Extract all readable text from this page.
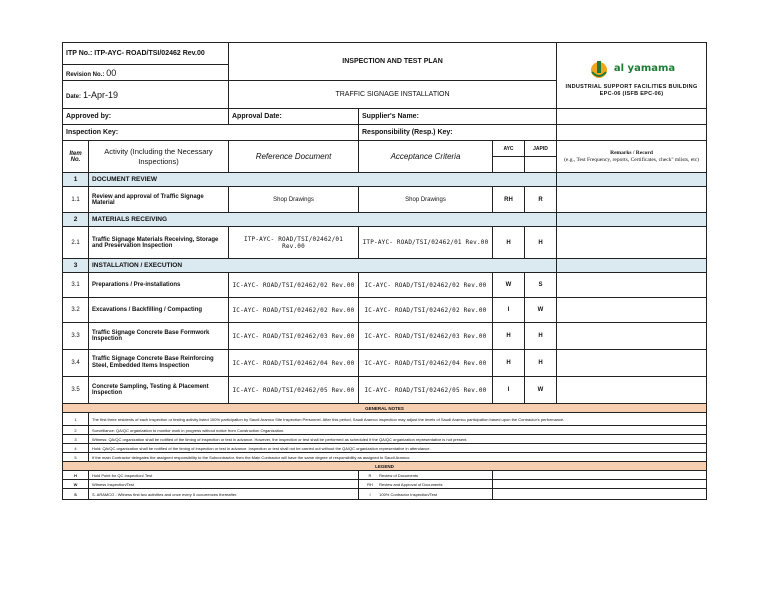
ITP No.: ITP-AYC- ROAD/TSI/02462 Rev.00		INSPECTION AND TEST PLAN				al yamama
INDUSTRIAL SUPPORT FACILITIES BUILDING EPC-06 (ISFB EPC-06)

Revision No.: 00						
Date: 1-Apr-19		TRAFFIC SIGNAGE INSTALLATION				
Approved by:		Approval Date:	Supplier's Name:			
Inspection Key:			Responsibility (Resp.) Key:			
Item No.	Activity (Including the Necessary Inspections)	Reference Document	Acceptance Criteria	AYC	JAPID	Remarks / Record
(e.g., Test Frequency, reports, Certificates, check'' mlists, etc)

1	DOCUMENT REVIEW					
1.1	Review and approval of Traffic Signage Material	Shop Drawings	Shop Drawings	RH	R	
2	MATERIALS RECEIVING					
2.1	Traffic Signage Materials Receiving, Storage and Preservation Inspection	ITP-AYC- ROAD/TSI/02462/01 Rev.00	ITP-AYC- ROAD/TSI/02462/01 Rev.00	H	H	
3	INSTALLATION / EXECUTION					
3.1	Preparations / Pre-installations	IC-AYC- ROAD/TSI/02462/02 Rev.00	IC-AYC- ROAD/TSI/02462/02 Rev.00	W	S	
3.2	Excavations / Backfilling / Compacting	IC-AYC- ROAD/TSI/02462/02 Rev.00	IC-AYC- ROAD/TSI/02462/02 Rev.00	I	W	
3.3	Traffic Signage Concrete Base Formwork Inspection	IC-AYC- ROAD/TSI/02462/03 Rev.00	IC-AYC- ROAD/TSI/02462/03 Rev.00	H	H	
3.4	Traffic Signage Concrete Base Reinforcing Steel, Embedded Items Inspection	IC-AYC- ROAD/TSI/02462/04 Rev.00	IC-AYC- ROAD/TSI/02462/04 Rev.00	H	H	
3.5	Concrete Sampling, Testing & Placement Inspection	IC-AYC- ROAD/TSI/02462/05 Rev.00	IC-AYC- ROAD/TSI/02462/05 Rev.00	I	W	
GENERAL NOTES						
1	The first three residents of each inspection or testing activity listed 100% participation by Saudi Aramco Site Inspection Personnel. After this period, Saudi Aramco inspection may adjust the levels of Saudi Aramco participation based upon the Contractor's performance.					
2	Surveillance: QA/QC organization to monitor work in progress without notice from Construction Organization.					
3	Witness: QA/QC organization shall be notified of the timing of inspection or test in advance. However, the inspection or test shall be performed as scheduled if the QA/QC organization representative is not present.					
4	Hold: QA/QC organization shall be notified of the timing of inspection or test in advance. Inspection or test shall not be carried out without the QA/QC organization representative in attendance.					
5	If the main Contractor delegates the assigned responsibility to the Subcontractor, then the Main Contractor will have the same degree of responsibility as assigned to Saudi Aramco.					
LEGEND						
H	Hold Point for QC Inspection/ Test		R Review of Documents			
W	Witness Inspection/Test		RH Review and Approval of Documents			
S	S. ARAMCO - Witness first two activities and once every 5 occurrences thereafter.		I 100% Contractor Inspection/Test			
